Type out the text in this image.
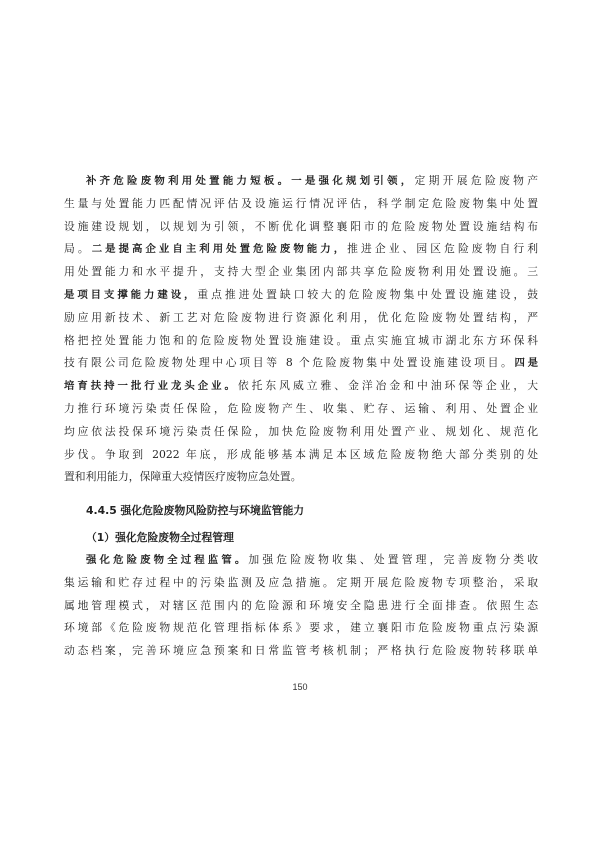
补齐危险废物利用处置能力短板。一是强化规划引领，定期开展危险废物产
生量与处置能力匹配情况评估及设施运行情况评估，科学制定危险废物集中处置
设施建设规划，以规划为引领，不断优化调整襄阳市的危险废物处置设施结构布
局。二是提高企业自主利用处置危险废物能力，推进企业、园区危险废物自行利
用处置能力和水平提升，支持大型企业集团内部共享危险废物利用处置设施。三
是项目支撑能力建设，重点推进处置缺口较大的危险废物集中处置设施建设，鼓
励应用新技术、新工艺对危险废物进行资源化利用，优化危险废物处置结构，严
格把控处置能力饱和的危险废物处置设施建设。重点实施宜城市湖北东方环保科
技有限公司危险废物处理中心项目等 8 个危险废物集中处置设施建设项目。四是
培育扶持一批行业龙头企业。依托东风威立雅、金洋冶金和中油环保等企业，大
力推行环境污染责任保险，危险废物产生、收集、贮存、运输、利用、处置企业
均应依法投保环境污染责任保险，加快危险废物利用处置产业、规划化、规范化
步伐。争取到 2022 年底，形成能够基本满足本区域危险废物绝大部分类别的处
置和利用能力，保障重大疫情医疗废物应急处置。
4.4.5 强化危险废物风险防控与环境监管能力
（1）强化危险废物全过程管理
强化危险废物全过程监管。加强危险废物收集、处置管理，完善废物分类收
集运输和贮存过程中的污染监测及应急措施。定期开展危险废物专项整治，采取
属地管理模式，对辖区范围内的危险源和环境安全隐患进行全面排查。依照生态
环境部《危险废物规范化管理指标体系》要求，建立襄阳市危险废物重点污染源
动态档案，完善环境应急预案和日常监管考核机制；严格执行危险废物转移联单
150
